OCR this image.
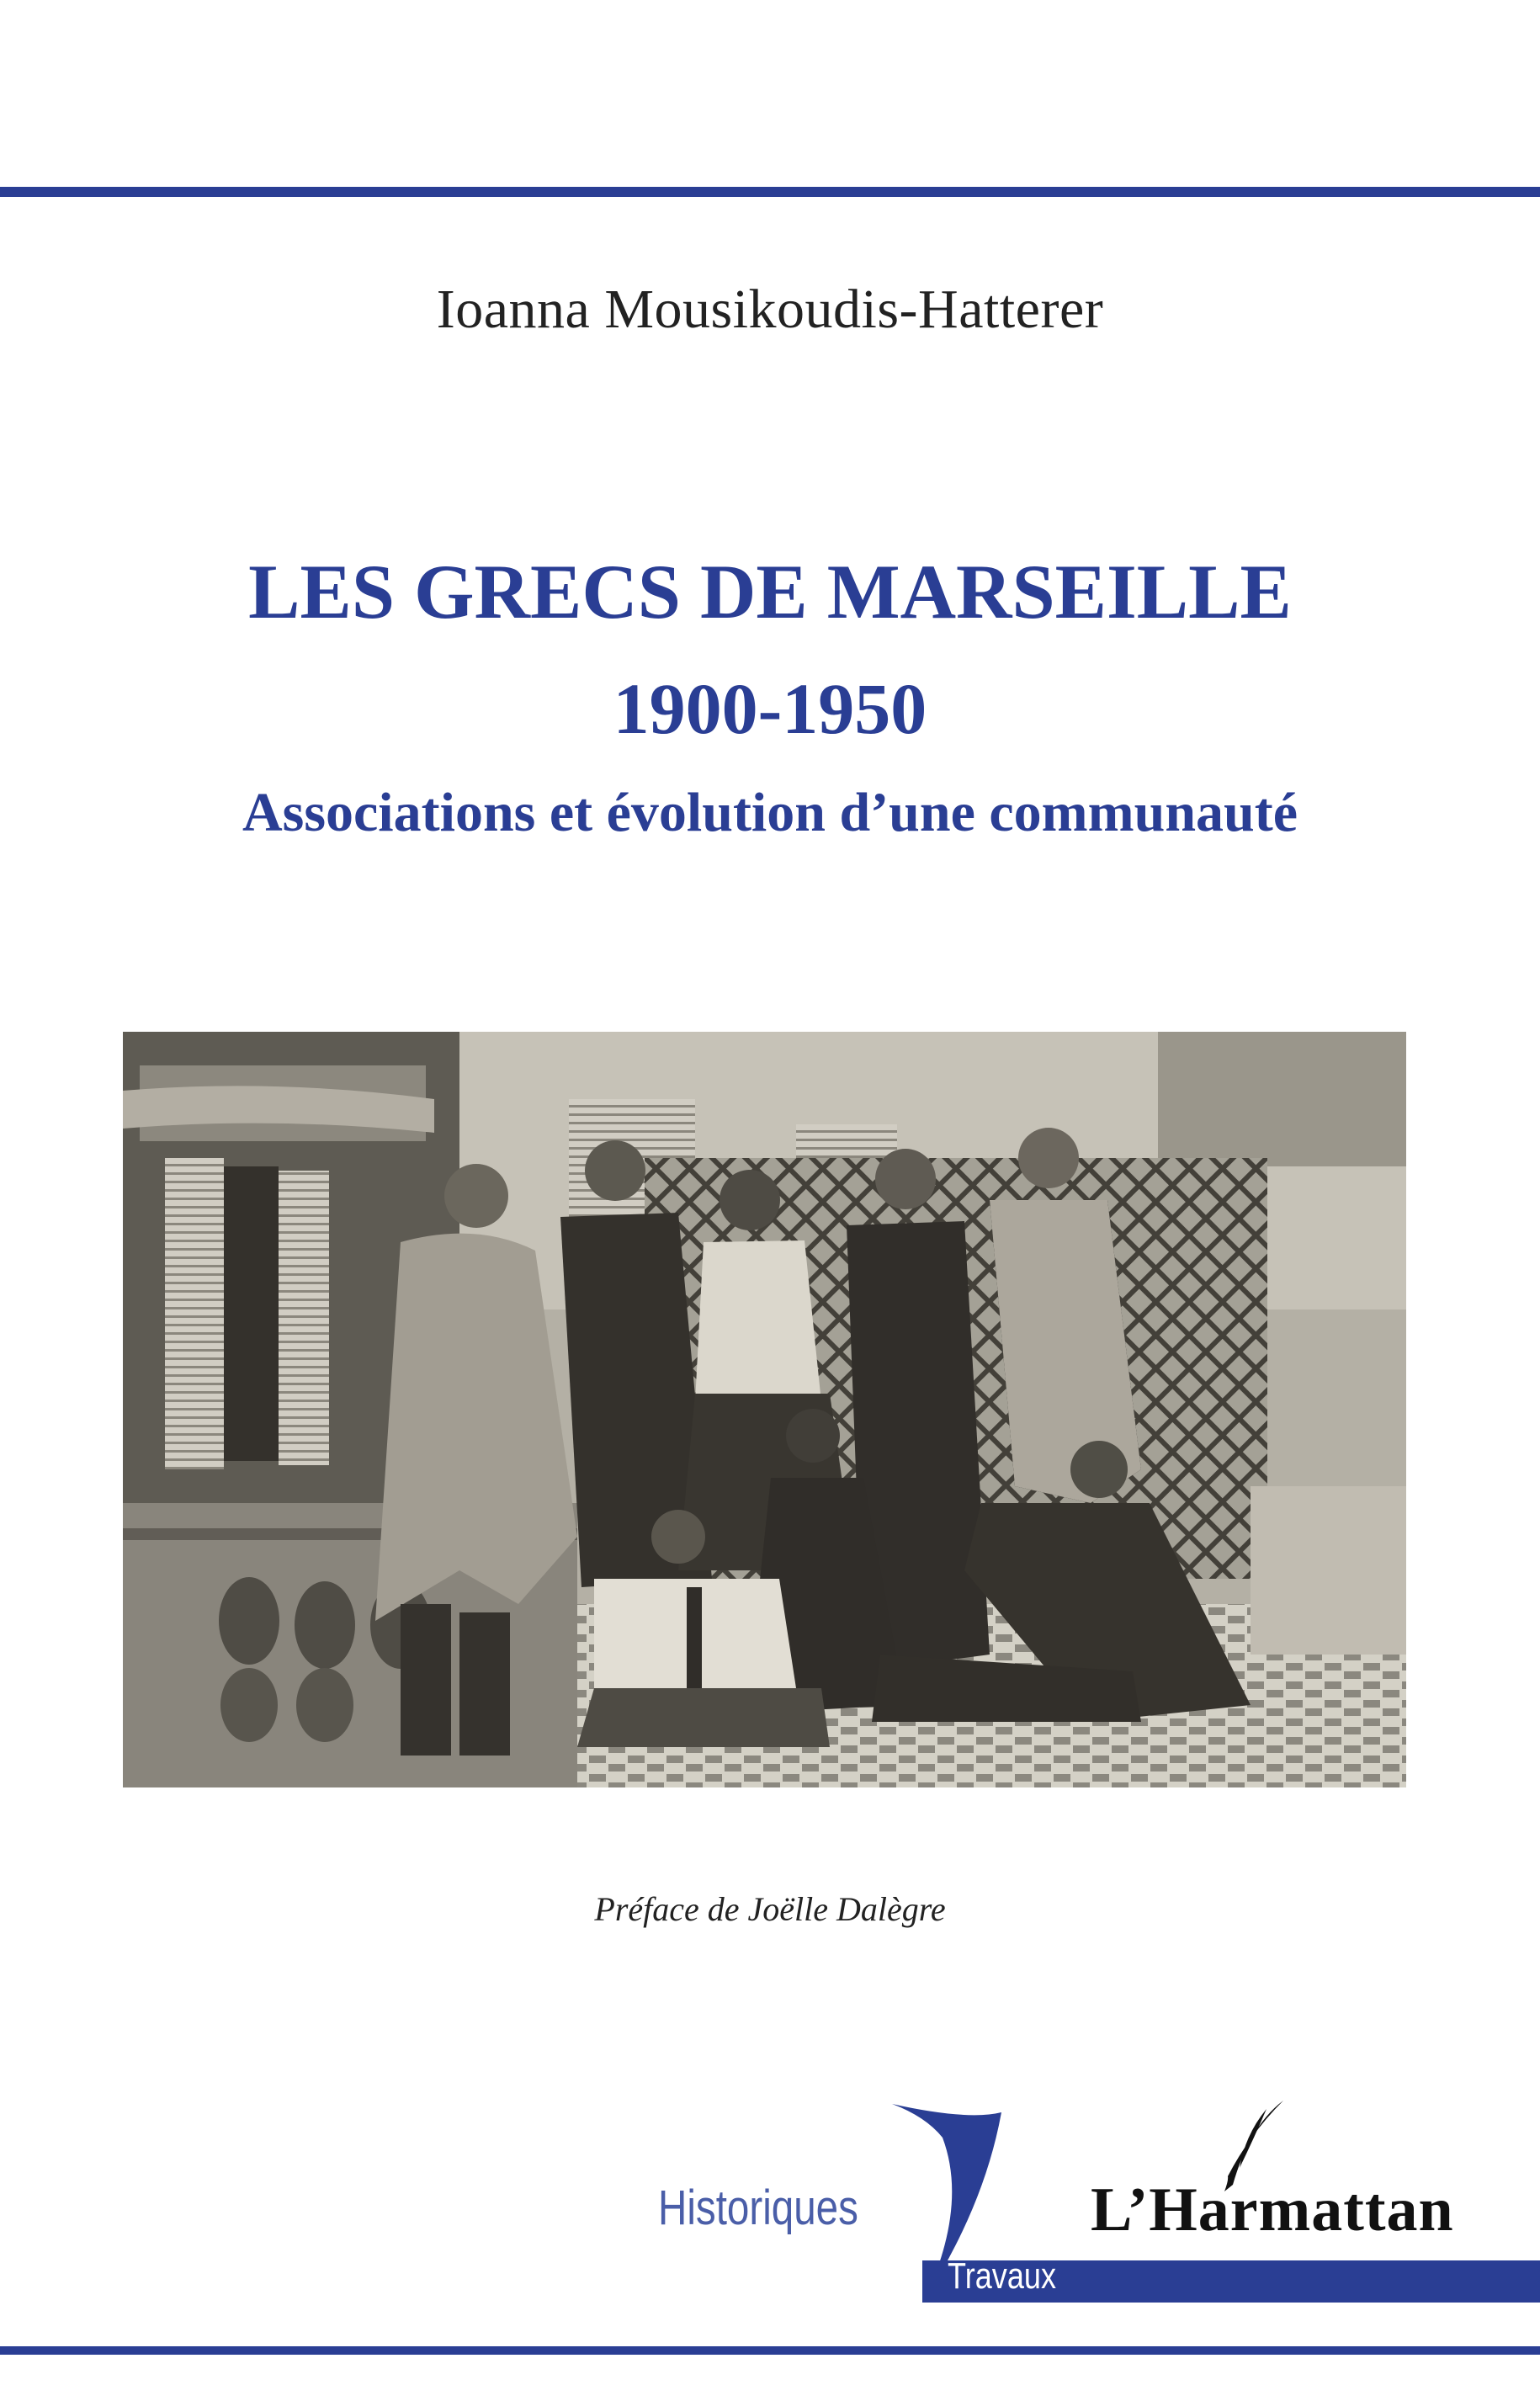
Ioanna Mousikoudis-Hatterer
LES GRECS DE MARSEILLE
1900-1950
Associations et évolution d’une communauté
Préface de Joëlle Dalègre
Historiques
Travaux
L’Harmattan
